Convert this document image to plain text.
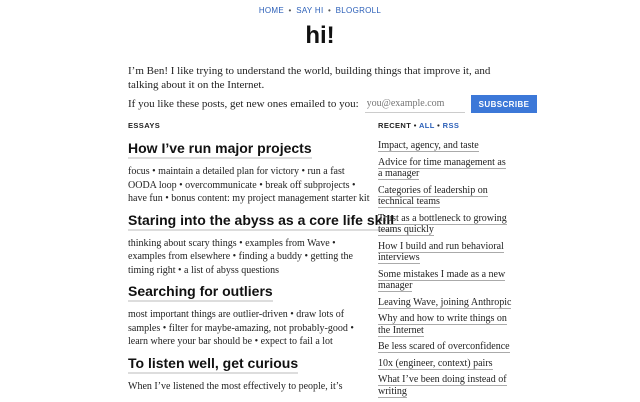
HOME • SAY HI • BLOGROLL
hi!

I’m Ben! I like trying to understand the world, building things that improve it, and talking about it on the Internet.

If you like these posts, get new ones emailed to you:
you@example.com	SUBSCRIBE
ESSAYS
How I’ve run major projects

focus • maintain a detailed plan for victory • run a fast OODA loop • overcommunicate • break off subprojects • have fun • bonus content: my project management starter kit

Staring into the abyss as a core life skill

thinking about scary things • examples from Wave • examples from elsewhere • finding a buddy • getting the timing right • a list of abyss questions

Searching for outliers

most important things are outlier-driven • draw lots of samples • filter for maybe-amazing, not probably-good • learn where your bar should be • expect to fail a lot

To listen well, get curious

When I’ve listened the most effectively to people, it’s

RECENT • ALL • RSS
Impact, agency, and taste
Advice for time management as a manager
Categories of leadership on technical teams
Trust as a bottleneck to growing teams quickly
How I build and run behavioral interviews
Some mistakes I made as a new manager
Leaving Wave, joining Anthropic
Why and how to write things on the Internet
Be less scared of overconfidence
10x (engineer, context) pairs
What I’ve been doing instead of writing
